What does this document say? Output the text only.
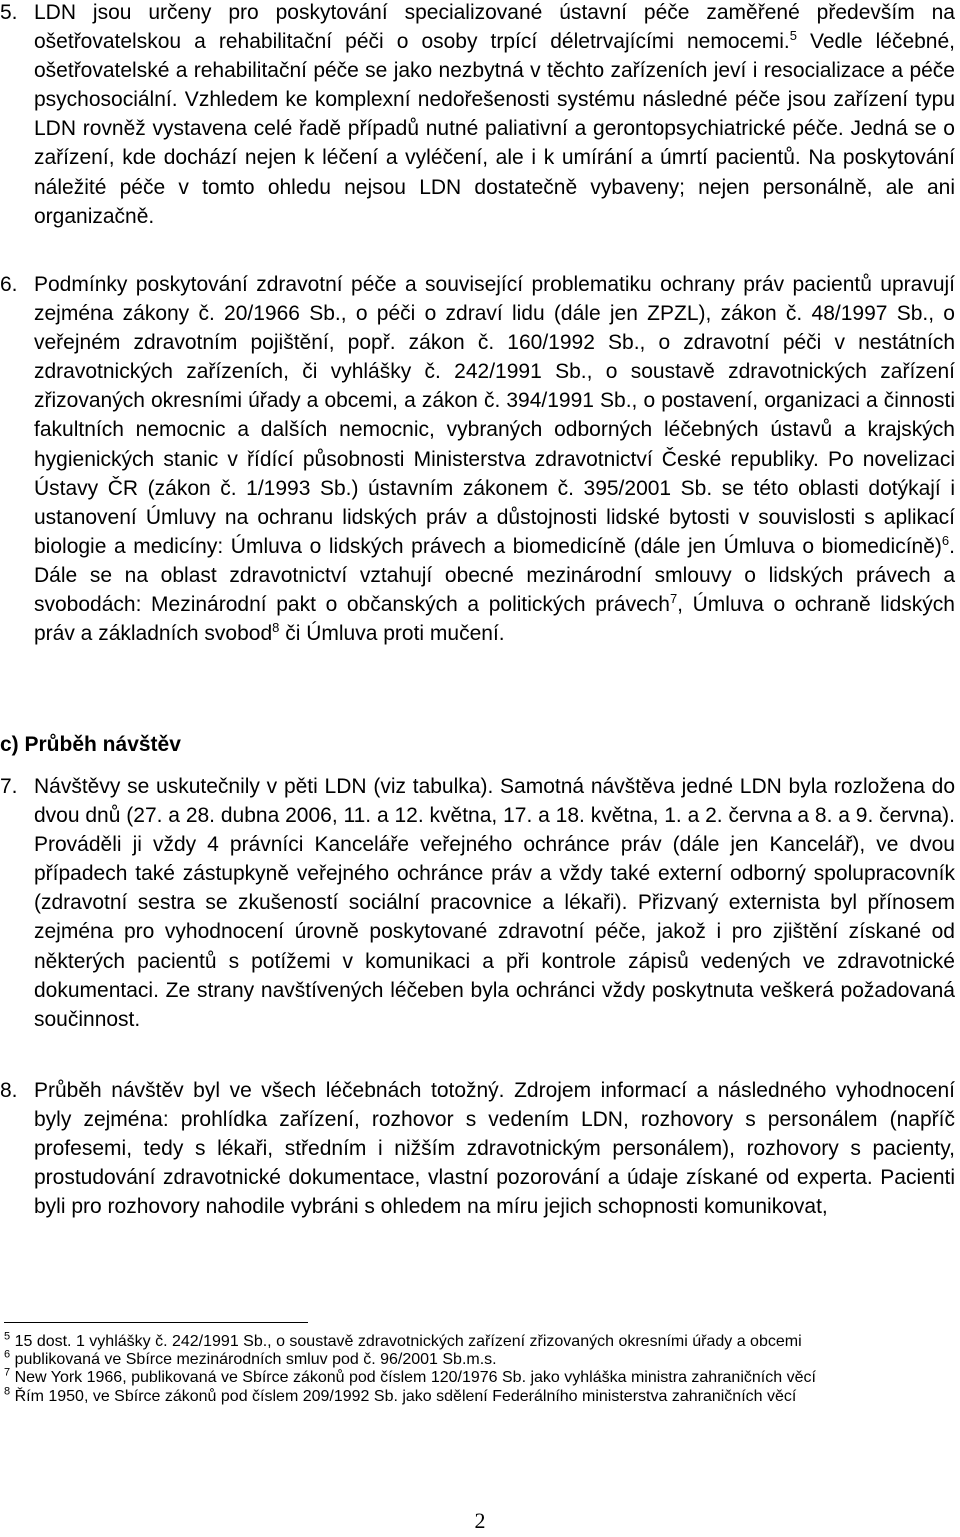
5. LDN jsou určeny pro poskytování specializované ústavní péče zaměřené především na ošetřovatelskou a rehabilitační péči o osoby trpící déletrvajícími nemocemi.$^5$ Vedle léčebné, ošetřovatelské a rehabilitační péče se jako nezbytná v těchto zařízeních jeví i resocializace a péče psychosociální. Vzhledem ke komplexní nedořešenosti systému následné péče jsou zařízení typu LDN rovněž vystavena celé řadě případů nutné paliativní a gerontopsychiatrické péče. Jedná se o zařízení, kde dochází nejen k léčení a vyléčení, ale i k umírání a úmrtí pacientů. Na poskytování náležité péče v tomto ohledu nejsou LDN dostatečně vybaveny; nejen personálně, ale ani organizačně.
6. Podmínky poskytování zdravotní péče a související problematiku ochrany práv pacientů upravují zejména zákony č. 20/1966 Sb., o péči o zdraví lidu (dále jen ZPZL), zákon č. 48/1997 Sb., o veřejném zdravotním pojištění, popř. zákon č. 160/1992 Sb., o zdravotní péči v nestátních zdravotnických zařízeních, či vyhlášky č. 242/1991 Sb., o soustavě zdravotnických zařízení zřizovaných okresními úřady a obcemi, a zákon č. 394/1991 Sb., o postavení, organizaci a činnosti fakultních nemocnic a dalších nemocnic, vybraných odborných léčebných ústavů a krajských hygienických stanic v řídící působnosti Ministerstva zdravotnictví České republiky. Po novelizaci Ústavy ČR (zákon č. 1/1993 Sb.) ústavním zákonem č. 395/2001 Sb. se této oblasti dotýkají i ustanovení Úmluvy na ochranu lidských práv a důstojnosti lidské bytosti v souvislosti s aplikací biologie a medicíny: Úmluva o lidských právech a biomedicíně (dále jen Úmluva o biomedicíně)$^6$. Dále se na oblast zdravotnictví vztahují obecné mezinárodní smlouvy o lidských právech a svobodách: Mezinárodní pakt o občanských a politických právech$^7$, Úmluva o ochraně lidských práv a základních svobod$^8$ či Úmluva proti mučení.
c) Průběh návštěv
7. Návštěvy se uskutečnily v pěti LDN (viz tabulka). Samotná návštěva jedné LDN byla rozložena do dvou dnů (27. a 28. dubna 2006, 11. a 12. května, 17. a 18. května, 1. a 2. června a 8. a 9. června). Prováděli ji vždy 4 právníci Kanceláře veřejného ochránce práv (dále jen Kancelář), ve dvou případech také zástupkyně veřejného ochránce práv a vždy také externí odborný spolupracovník (zdravotní sestra se zkušeností sociální pracovnice a lékaři). Přizvaný externista byl přínosem zejména pro vyhodnocení úrovně poskytované zdravotní péče, jakož i pro zjištění získané od některých pacientů s potížemi v komunikaci a při kontrole zápisů vedených ve zdravotnické dokumentaci. Ze strany navštívených léčeben byla ochránci vždy poskytnuta veškerá požadovaná součinnost.
8. Průběh návštěv byl ve všech léčebnách totožný. Zdrojem informací a následného vyhodnocení byly zejména: prohlídka zařízení, rozhovor s vedením LDN, rozhovory s personálem (napříč profesemi, tedy s lékaři, středním i nižším zdravotnickým personálem), rozhovory s pacienty, prostudování zdravotnické dokumentace, vlastní pozorování a údaje získané od experta. Pacienti byli pro rozhovory nahodile vybráni s ohledem na míru jejich schopnosti komunikovat,
$^5$ 15 dost. 1 vyhlášky č. 242/1991 Sb., o soustavě zdravotnických zařízení zřizovaných okresními úřady a obcemi
$^6$ publikovaná ve Sbírce mezinárodních smluv pod č. 96/2001 Sb.m.s.
$^7$ New York 1966, publikovaná ve Sbírce zákonů pod číslem 120/1976 Sb. jako vyhláška ministra zahraničních věcí
$^8$ Řím 1950, ve Sbírce zákonů pod číslem 209/1992 Sb. jako sdělení Federálního ministerstva zahraničních věcí
2
